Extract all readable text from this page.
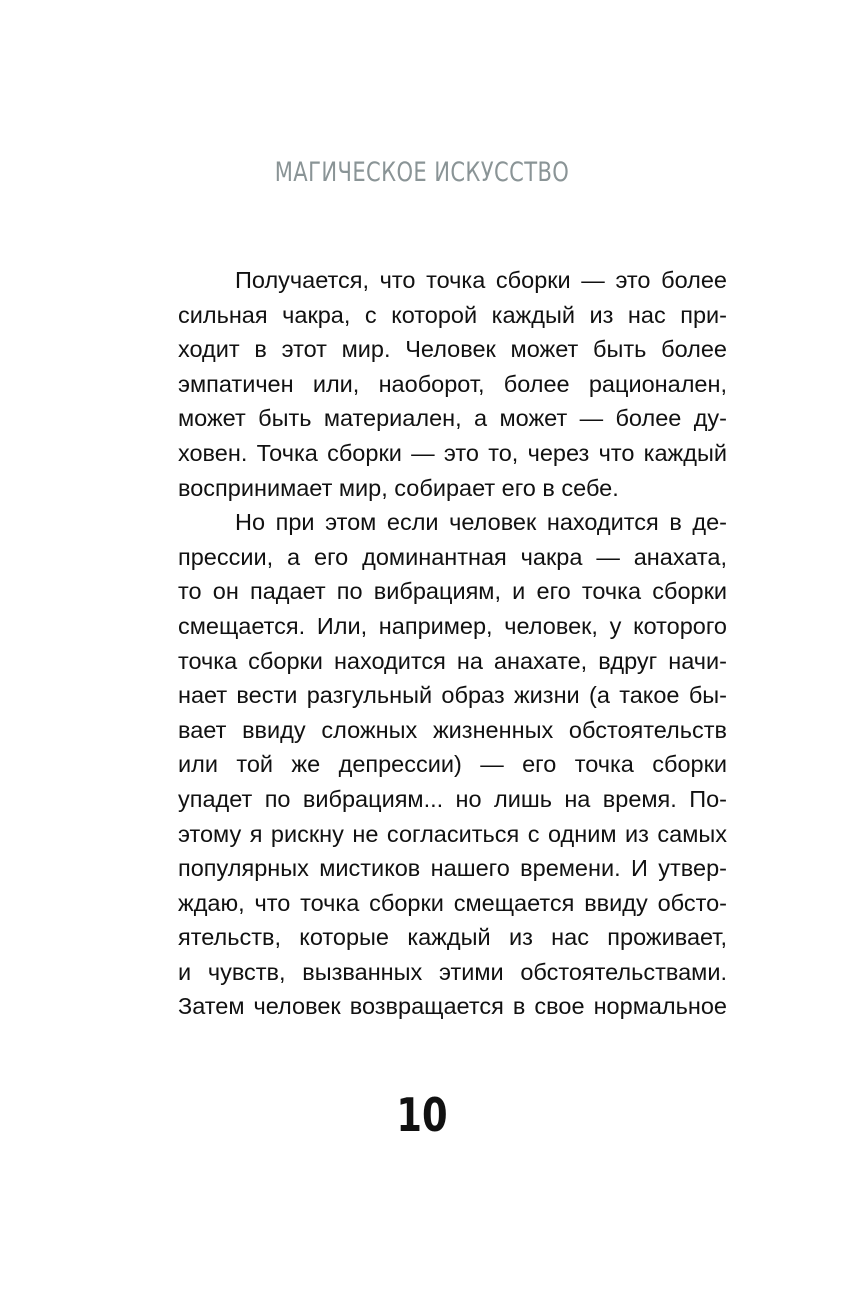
МАГИЧЕСКОЕ ИСКУССТВО
Получается, что точка сборки — это более
сильная чакра, с которой каждый из нас при-
ходит в этот мир. Человек может быть более
эмпатичен или, наоборот, более рационален,
может быть материален, а может — более ду-
ховен. Точка сборки — это то, через что каждый
воспринимает мир, собирает его в себе.
Но при этом если человек находится в де-
прессии, а его доминантная чакра — анахата,
то он падает по вибрациям, и его точка сборки
смещается. Или, например, человек, у которого
точка сборки находится на анахате, вдруг начи-
нает вести разгульный образ жизни (а такое бы-
вает ввиду сложных жизненных обстоятельств
или той же депрессии) — его точка сборки
упадет по вибрациям... но лишь на время. По-
этому я рискну не согласиться с одним из самых
популярных мистиков нашего времени. И утвер-
ждаю, что точка сборки смещается ввиду обсто-
ятельств, которые каждый из нас проживает,
и чувств, вызванных этими обстоятельствами.
Затем человек возвращается в свое нормальное
10
